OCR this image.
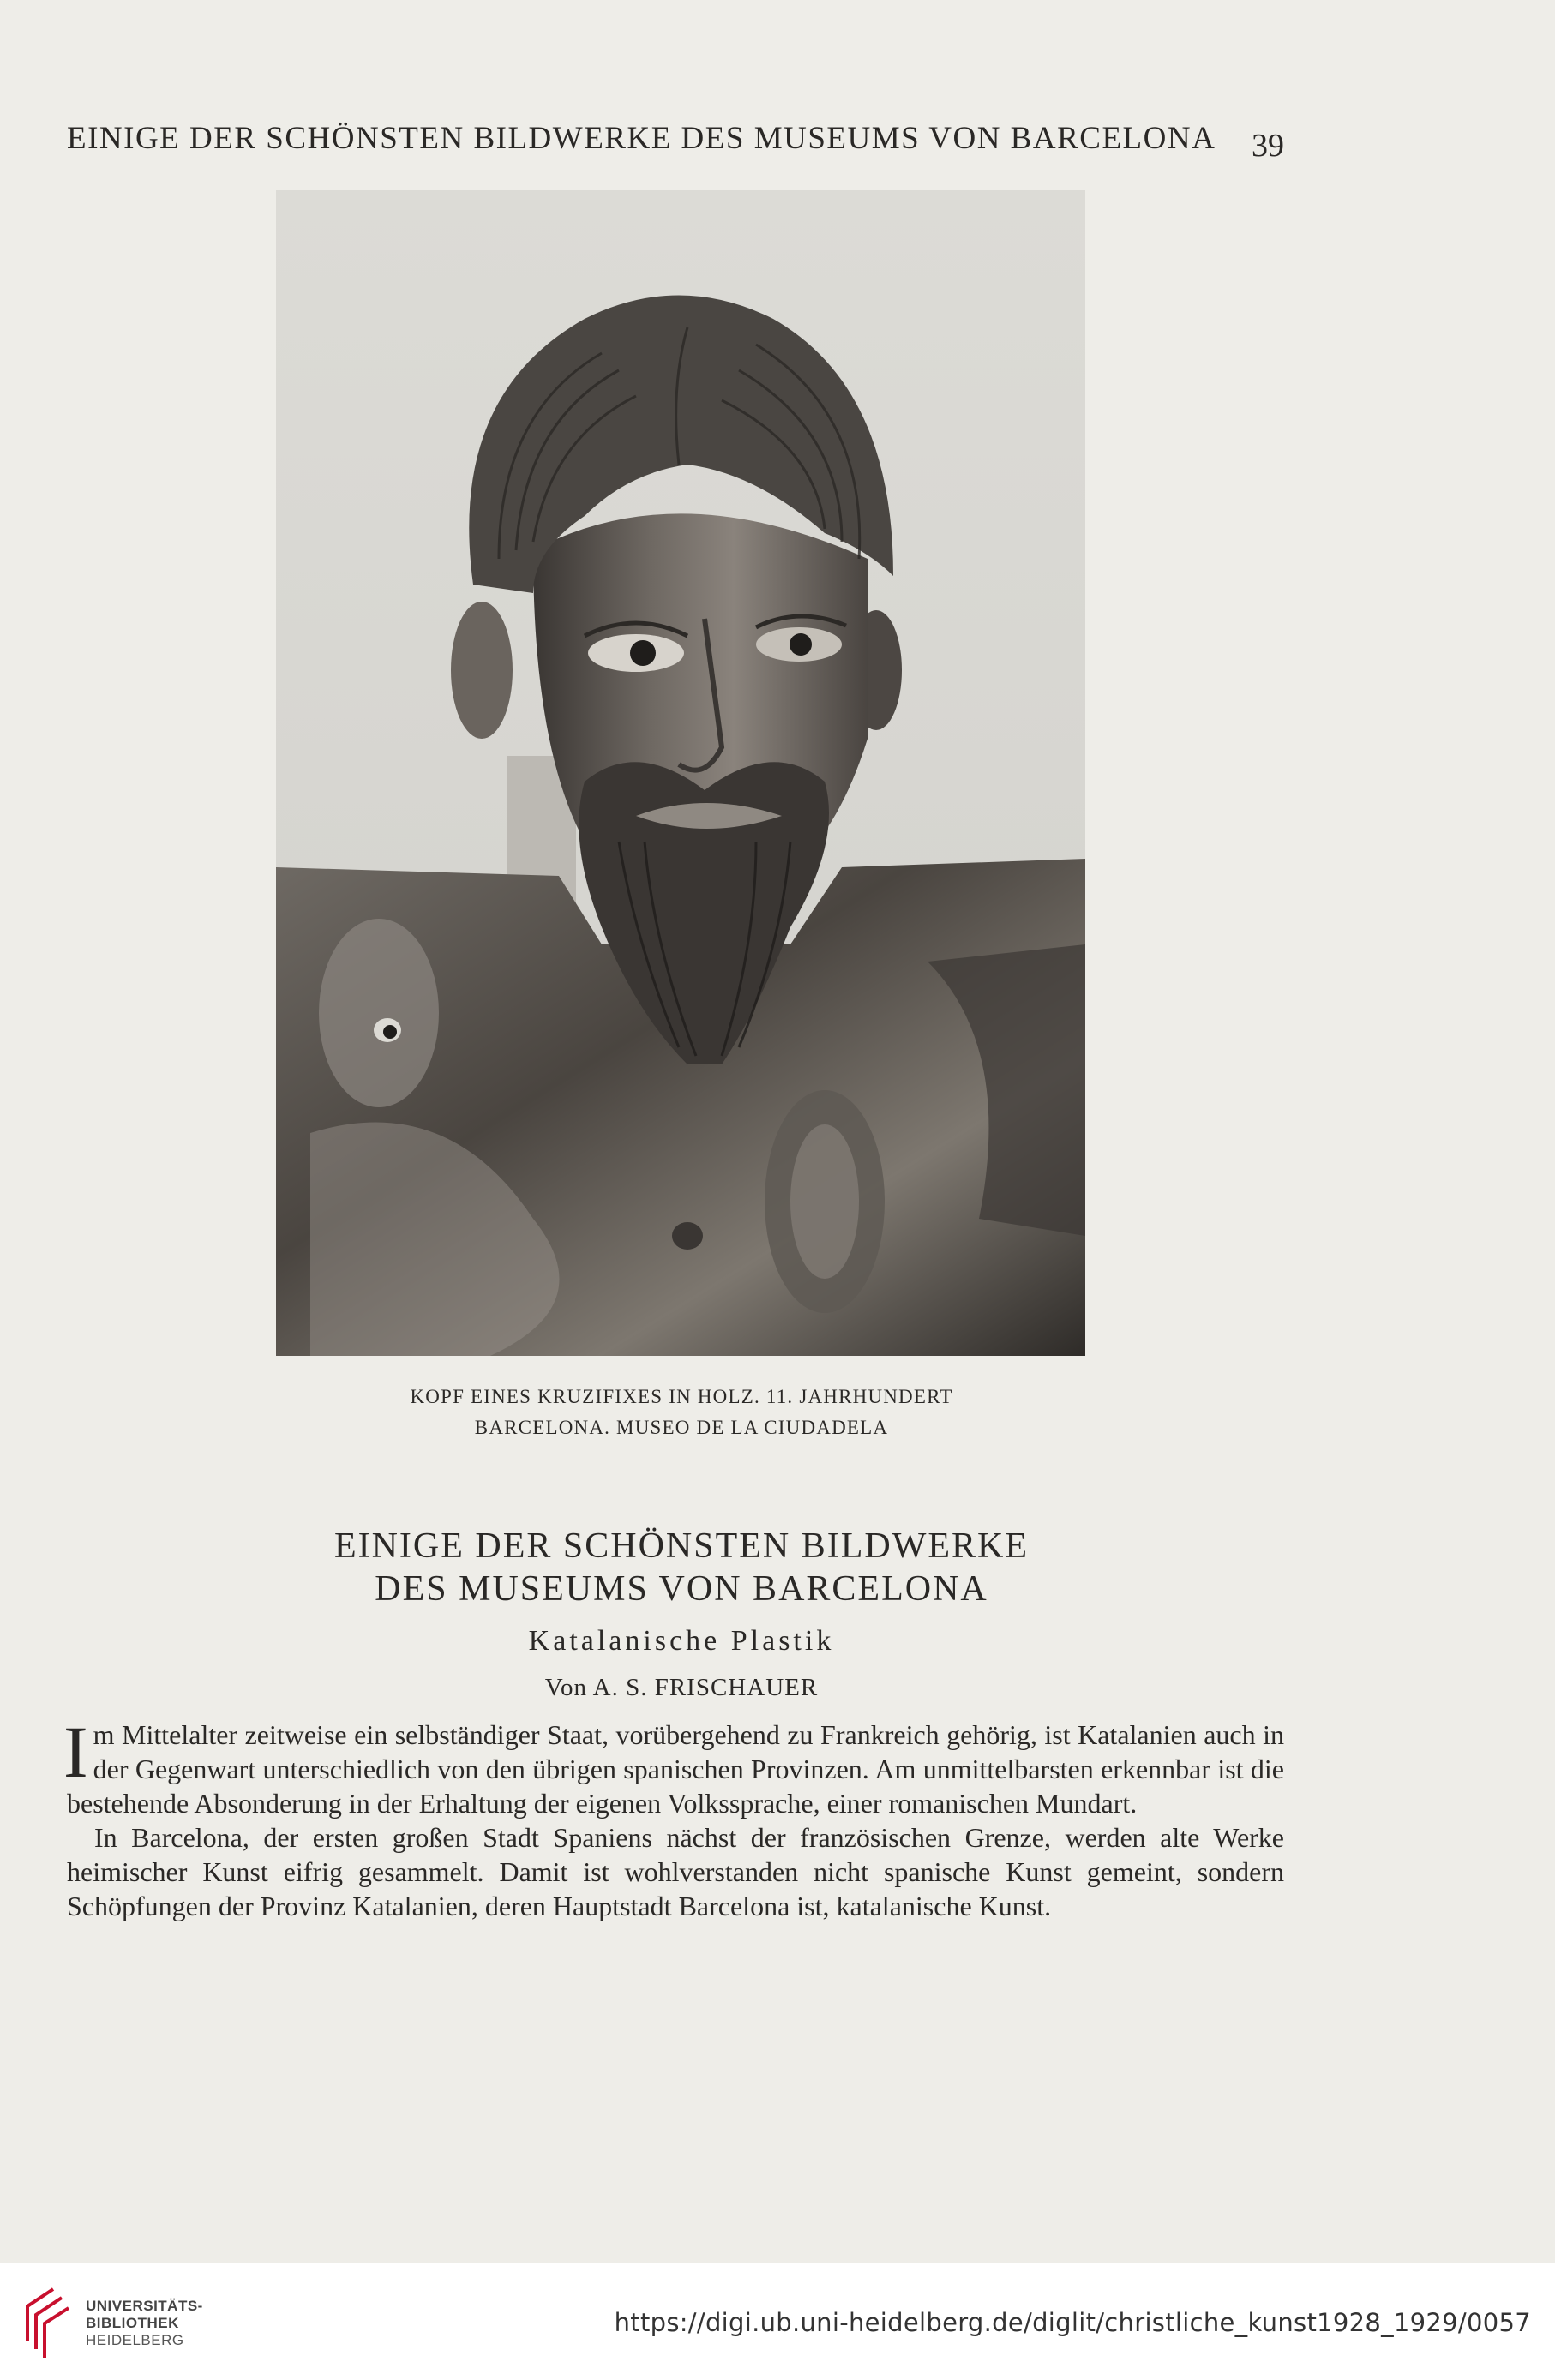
EINIGE DER SCHÖNSTEN BILDWERKE DES MUSEUMS VON BARCELONA	39
KOPF EINES KRUZIFIXES IN HOLZ. 11. JAHRHUNDERT
BARCELONA. MUSEO DE LA CIUDADELA
EINIGE DER SCHÖNSTEN BILDWERKE
DES MUSEUMS VON BARCELONA
Katalanische Plastik
Von A. S. FRISCHAUER

Im Mittelalter zeitweise ein selbständiger Staat, vorübergehend zu Frankreich gehörig, ist Katalanien auch in der Gegenwart unterschiedlich von den übrigen spanischen Provinzen. Am unmittelbarsten erkennbar ist die bestehende Absonderung in der Erhaltung der eigenen Volkssprache, einer romanischen Mundart.

In Barcelona, der ersten großen Stadt Spaniens nächst der französischen Grenze, werden alte Werke heimischer Kunst eifrig gesammelt. Damit ist wohlverstanden nicht spanische Kunst gemeint, sondern Schöpfungen der Provinz Katalanien, deren Hauptstadt Barcelona ist, katalanische Kunst.

UNIVERSITÄTS-
BIBLIOTHEK
HEIDELBERG
https://digi.ub.uni-heidelberg.de/diglit/christliche_kunst1928_1929/0057
